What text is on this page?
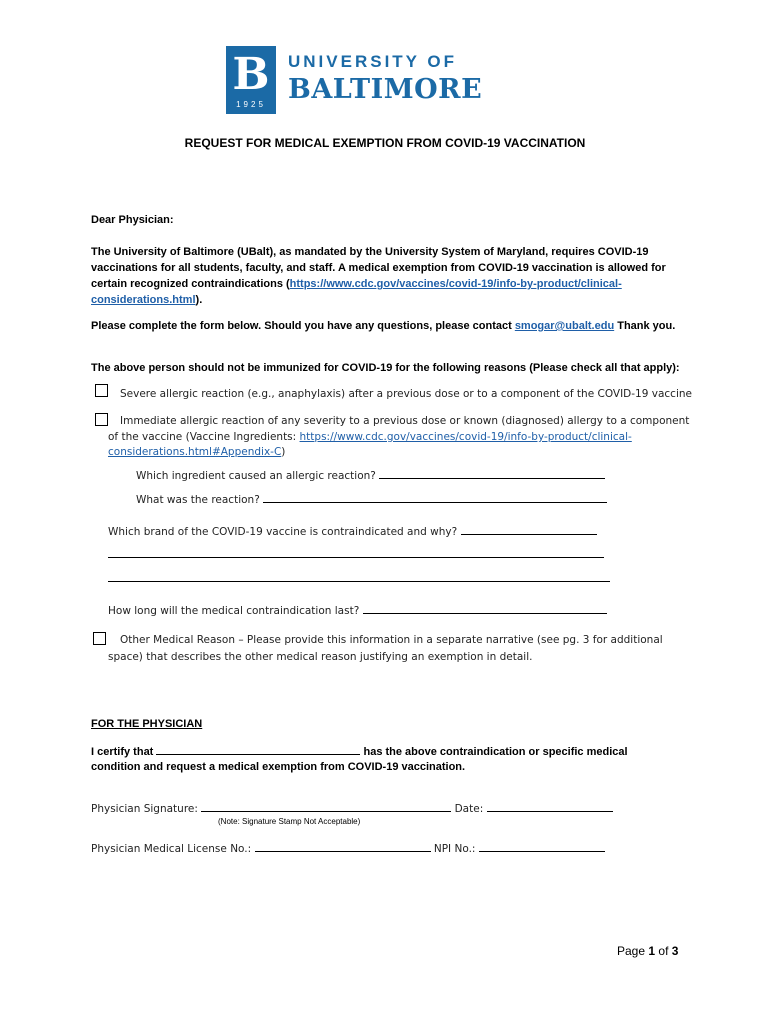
B
1925
UNIVERSITY OF
BALTIMORE
REQUEST FOR MEDICAL EXEMPTION FROM COVID-19 VACCINATION
Dear Physician:
The University of Baltimore (UBalt), as mandated by the University System of Maryland, requires COVID-19
vaccinations for all students, faculty, and staff. A medical exemption from COVID-19 vaccination is allowed for
certain recognized contraindications (https://www.cdc.gov/vaccines/covid-19/info-by-product/clinical-
considerations.html).
Please complete the form below. Should you have any questions, please contact smogar@ubalt.edu Thank you.
The above person should not be immunized for COVID-19 for the following reasons (Please check all that apply):
Severe allergic reaction (e.g., anaphylaxis) after a previous dose or to a component of the COVID-19 vaccine
Immediate allergic reaction of any severity to a previous dose or known (diagnosed) allergy to a component
of the vaccine (Vaccine Ingredients: https://www.cdc.gov/vaccines/covid-19/info-by-product/clinical-
considerations.html#Appendix-C)
Which ingredient caused an allergic reaction?
What was the reaction?
Which brand of the COVID-19 vaccine is contraindicated and why?
How long will the medical contraindication last?
Other Medical Reason – Please provide this information in a separate narrative (see pg. 3 for additional
space) that describes the other medical reason justifying an exemption in detail.
FOR THE PHYSICIAN
I certify that	has the above contraindication or specific medical
condition and request a medical exemption from COVID-19 vaccination.
Physician Signature:	Date:
(Note: Signature Stamp Not Acceptable)
Physician Medical License No.:	NPI No.:
Page 1 of 3
